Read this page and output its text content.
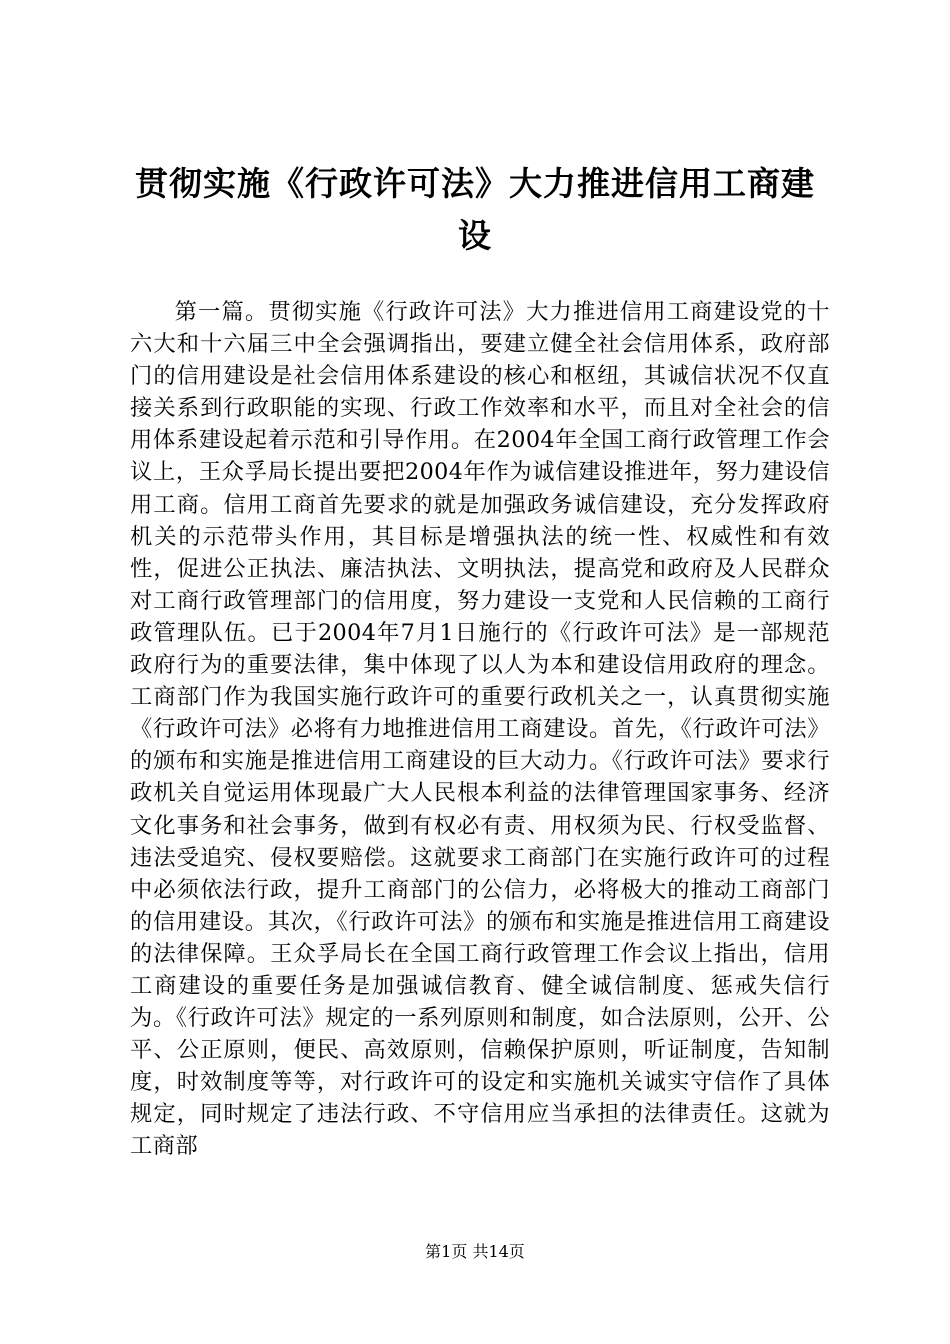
贯彻实施《行政许可法》大力推进信用工商建设

第一篇。贯彻实施《行政许可法》大力推进信用工商建设党的十六大和十六届三中全会强调指出，要建立健全社会信用体系，政府部门的信用建设是社会信用体系建设的核心和枢纽，其诚信状况不仅直接关系到行政职能的实现、行政工作效率和水平，而且对全社会的信用体系建设起着示范和引导作用。在2004年全国工商行政管理工作会议上，王众孚局长提出要把2004年作为诚信建设推进年，努力建设信用工商。信用工商首先要求的就是加强政务诚信建设，充分发挥政府机关的示范带头作用，其目标是增强执法的统一性、权威性和有效性，促进公正执法、廉洁执法、文明执法，提高党和政府及人民群众对工商行政管理部门的信用度，努力建设一支党和人民信赖的工商行政管理队伍。已于2004年7月1日施行的《行政许可法》是一部规范政府行为的重要法律，集中体现了以人为本和建设信用政府的理念。工商部门作为我国实施行政许可的重要行政机关之一，认真贯彻实施《行政许可法》必将有力地推进信用工商建设。首先，《行政许可法》的颁布和实施是推进信用工商建设的巨大动力。《行政许可法》要求行政机关自觉运用体现最广大人民根本利益的法律管理国家事务、经济文化事务和社会事务，做到有权必有责、用权须为民、行权受监督、违法受追究、侵权要赔偿。这就要求工商部门在实施行政许可的过程中必须依法行政，提升工商部门的公信力，必将极大的推动工商部门的信用建设。其次，《行政许可法》的颁布和实施是推进信用工商建设的法律保障。王众孚局长在全国工商行政管理工作会议上指出，信用工商建设的重要任务是加强诚信教育、健全诚信制度、惩戒失信行为。《行政许可法》规定的一系列原则和制度，如合法原则，公开、公平、公正原则，便民、高效原则，信赖保护原则，听证制度，告知制度，时效制度等等，对行政许可的设定和实施机关诚实守信作了具体规定，同时规定了违法行政、不守信用应当承担的法律责任。这就为工商部

第1页 共14页
